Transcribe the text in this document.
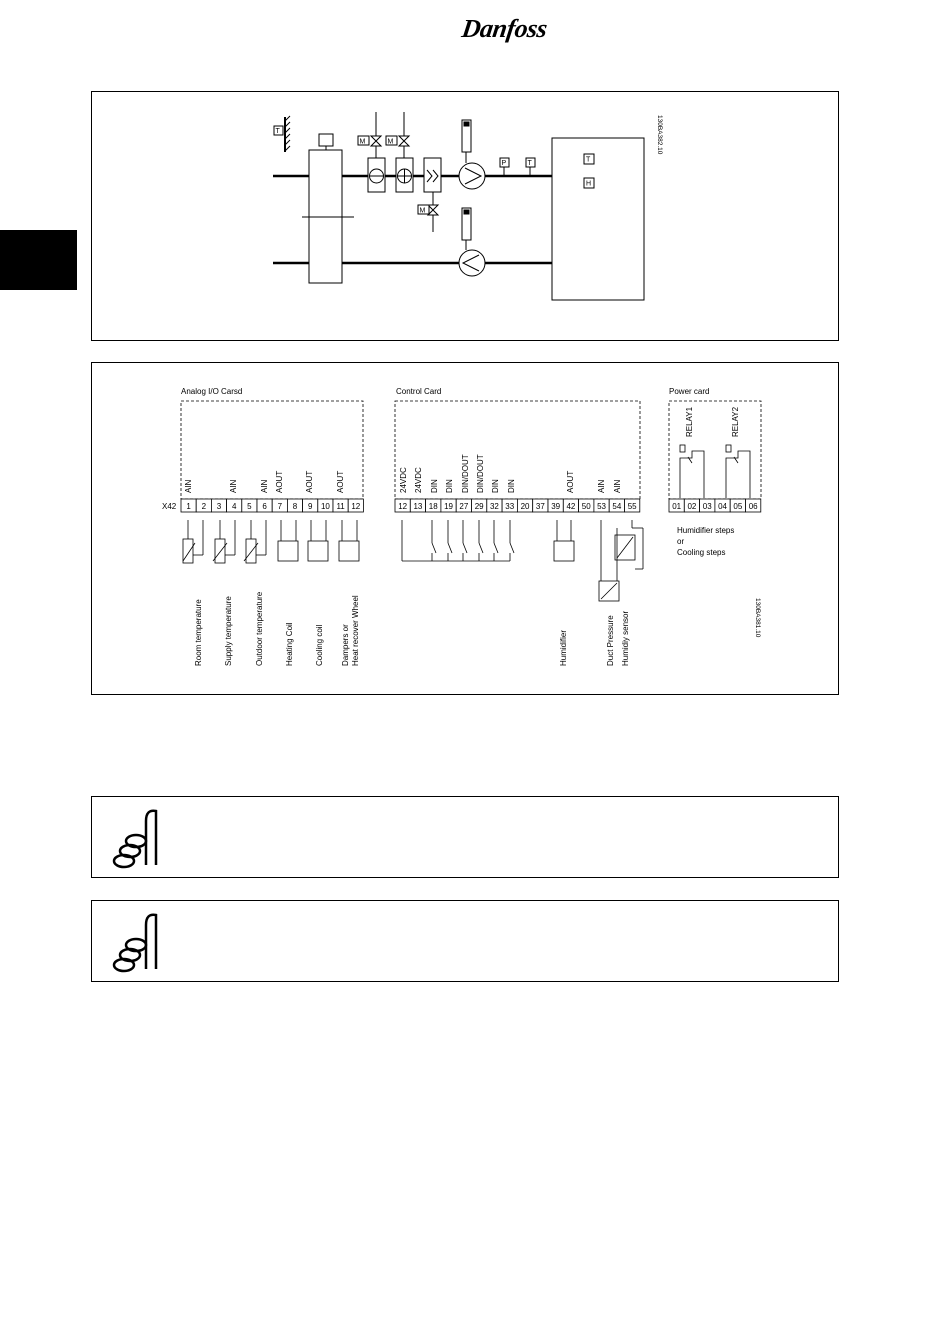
Danfoss
T
M	M
M
P	T	T
H
130BA382.10
Analog I/O Carsd	Control Card	Power card
X42 1 2 3 4 5 6 7 8 9 10 11 12	12 13 18 19 27 29 32 33 20 37 39 42 50 53 54 55	01 02 03 04 05 06
AIN	AIN	AIN AOUT	AOUT	AOUT	24VDC 24VDC DIN DIN DIN/DOUT DIN/DOUT DIN DIN	AOUT	AIN AIN
Humidifier steps
or
Cooling steps
Room temperature	Supply temperature	Outdoor temperature	Heating Coil	Cooling coil Dampers or Heat recover Wheel	Humidifier	Duct Pressure Humidiy sensor	130BA381.10
RELAY1	RELAY2
